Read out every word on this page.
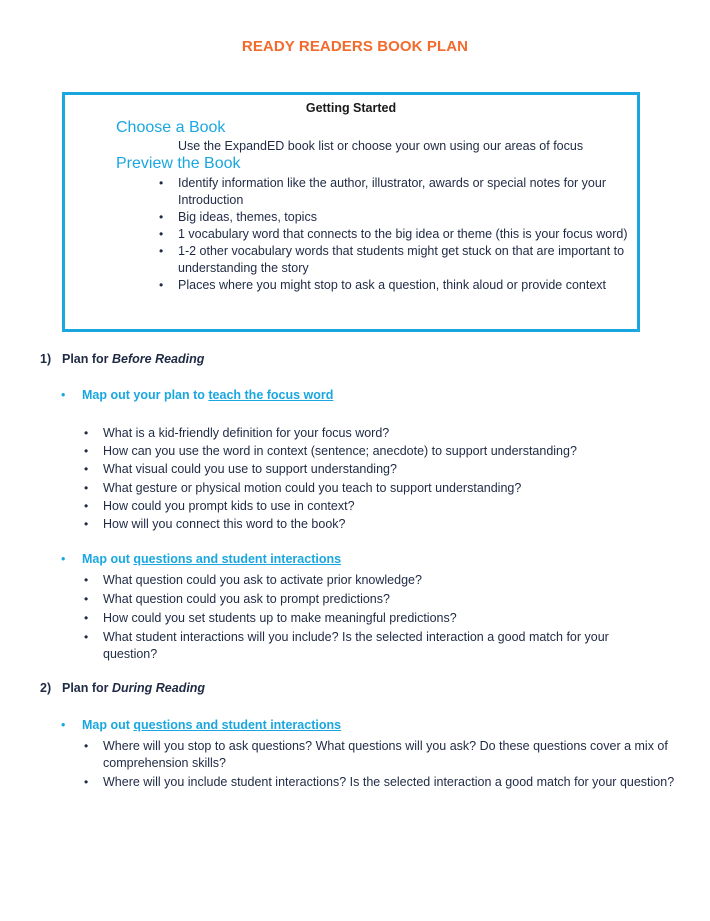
READY READERS BOOK PLAN
Getting Started
Choose a Book
Use the ExpandED book list or choose your own using our areas of focus
Preview the Book
• Identify information like the author, illustrator, awards or special notes for your Introduction
• Big ideas, themes, topics
• 1 vocabulary word that connects to the big idea or theme (this is your focus word)
• 1-2 other vocabulary words that students might get stuck on that are important to understanding the story
• Places where you might stop to ask a question, think aloud or provide context
1) Plan for Before Reading
• Map out your plan to teach the focus word
• What is a kid-friendly definition for your focus word?
• How can you use the word in context (sentence; anecdote) to support understanding?
• What visual could you use to support understanding?
• What gesture or physical motion could you teach to support understanding?
• How could you prompt kids to use in context?
• How will you connect this word to the book?
• Map out questions and student interactions
• What question could you ask to activate prior knowledge?
• What question could you ask to prompt predictions?
• How could you set students up to make meaningful predictions?
• What student interactions will you include? Is the selected interaction a good match for your question?
2) Plan for During Reading
• Map out questions and student interactions
• Where will you stop to ask questions? What questions will you ask? Do these questions cover a mix of comprehension skills?
• Where will you include student interactions? Is the selected interaction a good match for your question?
